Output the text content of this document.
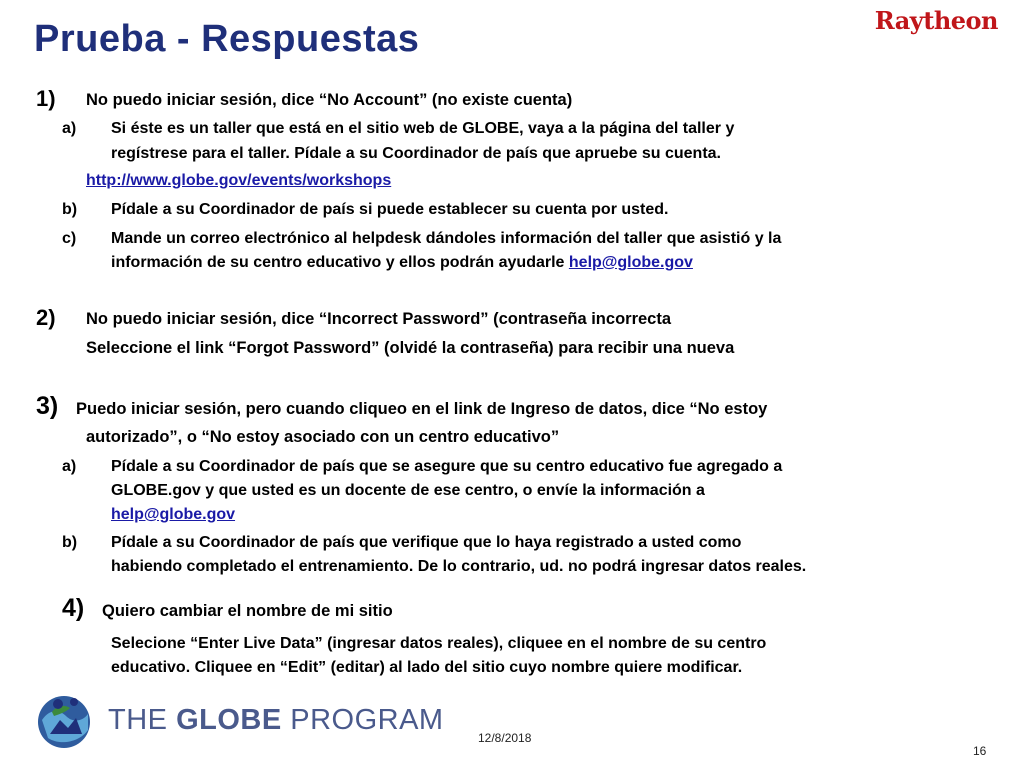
Prueba - Respuestas	Raytheon
1) No puedo iniciar sesión, dice “No Account” (no existe cuenta)
a) Si éste es un taller que está en el sitio web de GLOBE, vaya a la página del taller y
regístrese para el taller. Pídale a su Coordinador de país que apruebe su cuenta.
http://www.globe.gov/events/workshops
b) Pídale a su Coordinador de país si puede establecer su cuenta por usted.
c) Mande un correo electrónico al helpdesk dándoles información del taller que asistió y la
información de su centro educativo y ellos podrán ayudarle help@globe.gov
2) No puedo iniciar sesión, dice “Incorrect Password” (contraseña incorrecta
Seleccione el link “Forgot Password” (olvidé la contraseña) para recibir una nueva
3) Puedo iniciar sesión, pero cuando cliqueo en el link de Ingreso de datos, dice “No estoy
autorizado”, o “No estoy asociado con un centro educativo”
a) Pídale a su Coordinador de país que se asegure que su centro educativo fue agregado a
GLOBE.gov y que usted es un docente de ese centro, o envíe la información a
help@globe.gov
b) Pídale a su Coordinador de país que verifique que lo haya registrado a usted como
habiendo completado el entrenamiento. De lo contrario, ud. no podrá ingresar datos reales.
4) Quiero cambiar el nombre de mi sitio
Selecione “Enter Live Data” (ingresar datos reales), cliquee en el nombre de su centro
educativo. Cliquee en “Edit” (editar) al lado del sitio cuyo nombre quiere modificar.
THE GLOBE PROGRAM
12/8/2018
16
